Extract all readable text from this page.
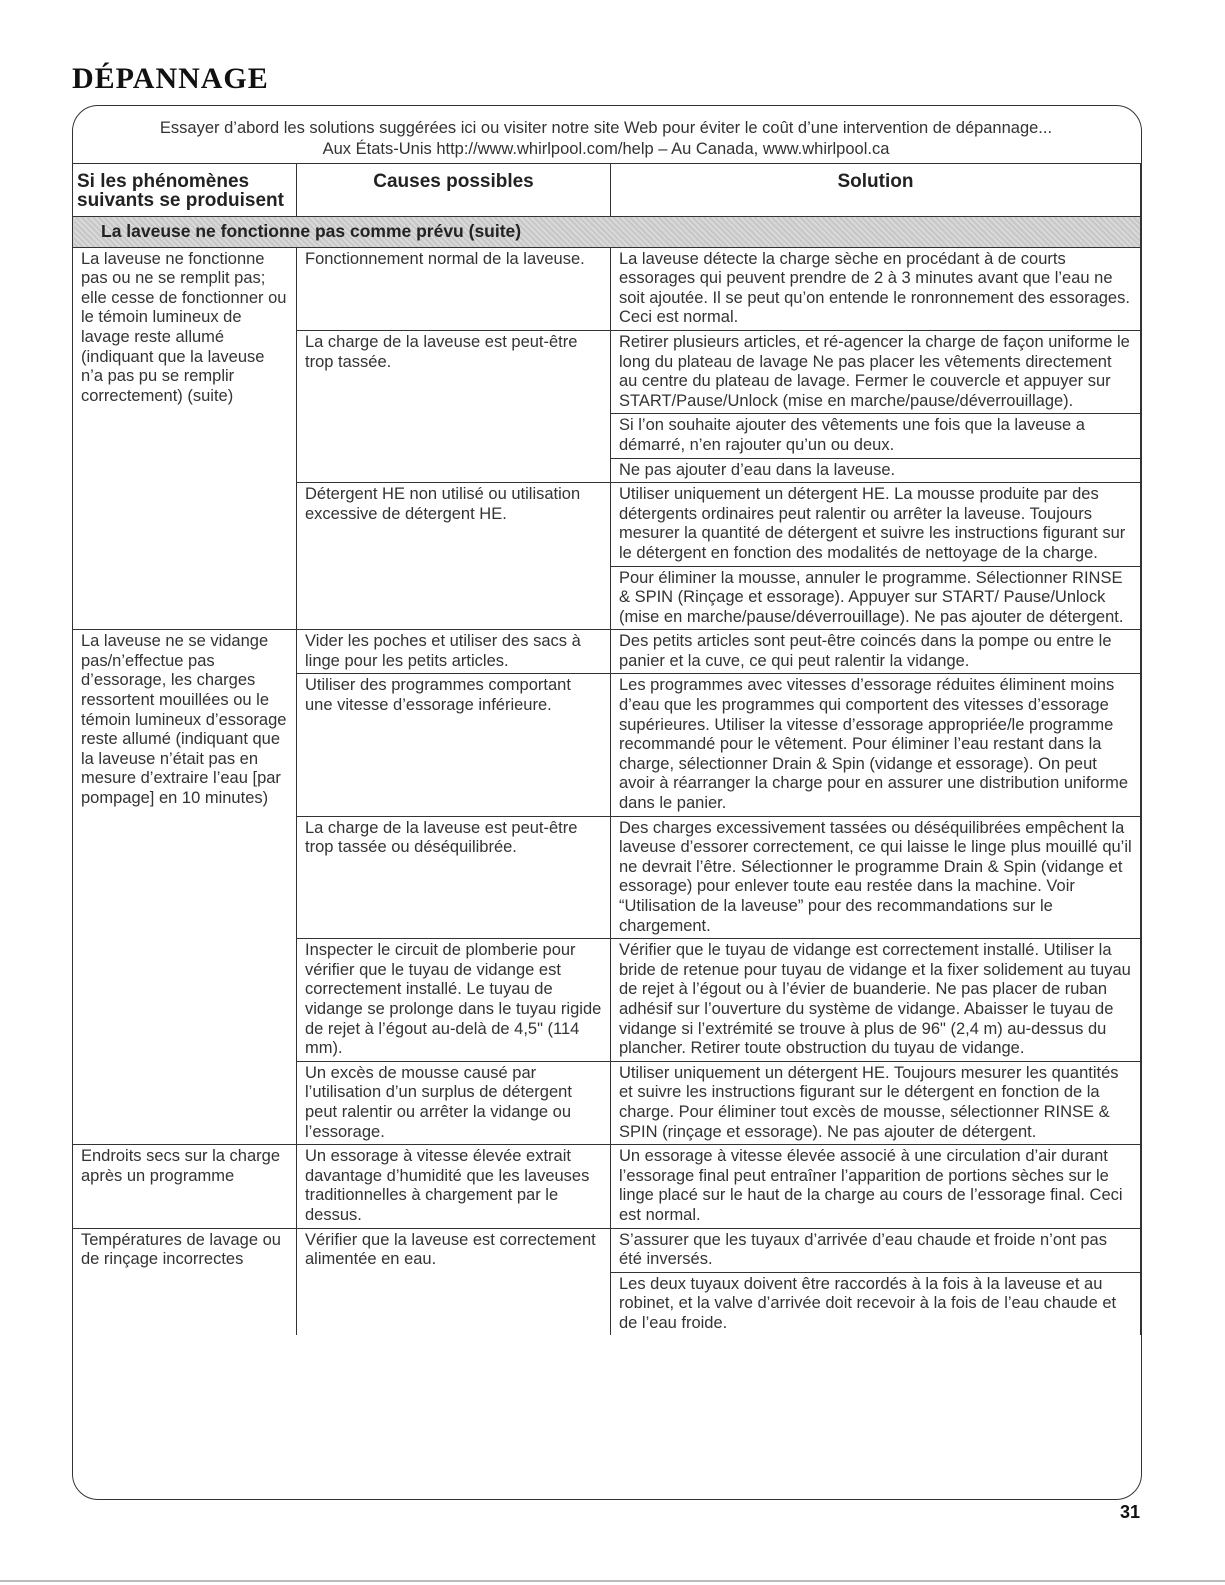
DÉPANNAGE
Essayer d’abord les solutions suggérées ici ou visiter notre site Web pour éviter le coût d’une intervention de dépannage...
Aux États-Unis http://www.whirlpool.com/help – Au Canada, www.whirlpool.ca
Si les phénomènes suivants se produisent	Causes possibles	Solution
La laveuse ne fonctionne pas comme prévu (suite)		
La laveuse ne fonctionne pas ou ne se remplit pas; elle cesse de fonctionner ou le témoin lumineux de lavage reste allumé (indiquant que la laveuse n’a pas pu se remplir correctement) (suite)	Fonctionnement normal de la laveuse.	La laveuse détecte la charge sèche en procédant à de courts essorages qui peuvent prendre de 2 à 3 minutes avant que l’eau ne soit ajoutée. Il se peut qu’on entende le ronronnement des essorages. Ceci est normal.
	La charge de la laveuse est peut-être trop tassée.	Retirer plusieurs articles, et ré-agencer la charge de façon uniforme le long du plateau de lavage Ne pas placer les vêtements directement au centre du plateau de lavage. Fermer le couvercle et appuyer sur START/Pause/Unlock (mise en marche/pause/déverrouillage).
		Si l’on souhaite ajouter des vêtements une fois que la laveuse a démarré, n’en rajouter qu’un ou deux.
		Ne pas ajouter d’eau dans la laveuse.
	Détergent HE non utilisé ou utilisation excessive de détergent HE.	Utiliser uniquement un détergent HE. La mousse produite par des détergents ordinaires peut ralentir ou arrêter la laveuse. Toujours mesurer la quantité de détergent et suivre les instructions figurant sur le détergent en fonction des modalités de nettoyage de la charge.
		Pour éliminer la mousse, annuler le programme. Sélectionner RINSE & SPIN (Rinçage et essorage). Appuyer sur START/ Pause/Unlock (mise en marche/pause/déverrouillage). Ne pas ajouter de détergent.
La laveuse ne se vidange pas/n’effectue pas d’essorage, les charges ressortent mouillées ou le témoin lumineux d’essorage reste allumé (indiquant que la laveuse n’était pas en mesure d’extraire l’eau [par pompage] en 10 minutes)	Vider les poches et utiliser des sacs à linge pour les petits articles.	Des petits articles sont peut-être coincés dans la pompe ou entre le panier et la cuve, ce qui peut ralentir la vidange.
	Utiliser des programmes comportant une vitesse d’essorage inférieure.	Les programmes avec vitesses d’essorage réduites éliminent moins d’eau que les programmes qui comportent des vitesses d’essorage supérieures. Utiliser la vitesse d’essorage appropriée/le programme recommandé pour le vêtement. Pour éliminer l’eau restant dans la charge, sélectionner Drain & Spin (vidange et essorage). On peut avoir à réarranger la charge pour en assurer une distribution uniforme dans le panier.
	La charge de la laveuse est peut-être trop tassée ou déséquilibrée.	Des charges excessivement tassées ou déséquilibrées empêchent la laveuse d’essorer correctement, ce qui laisse le linge plus mouillé qu’il ne devrait l’être. Sélectionner le programme Drain & Spin (vidange et essorage) pour enlever toute eau restée dans la machine. Voir “Utilisation de la laveuse” pour des recommandations sur le chargement.
	Inspecter le circuit de plomberie pour vérifier que le tuyau de vidange est correctement installé. Le tuyau de vidange se prolonge dans le tuyau rigide de rejet à l’égout au-delà de 4,5" (114 mm).	Vérifier que le tuyau de vidange est correctement installé. Utiliser la bride de retenue pour tuyau de vidange et la fixer solidement au tuyau de rejet à l’égout ou à l’évier de buanderie. Ne pas placer de ruban adhésif sur l’ouverture du système de vidange. Abaisser le tuyau de vidange si l’extrémité se trouve à plus de 96" (2,4 m) au-dessus du plancher. Retirer toute obstruction du tuyau de vidange.
	Un excès de mousse causé par l’utilisation d’un surplus de détergent peut ralentir ou arrêter la vidange ou l’essorage.	Utiliser uniquement un détergent HE. Toujours mesurer les quantités et suivre les instructions figurant sur le détergent en fonction de la charge. Pour éliminer tout excès de mousse, sélectionner RINSE & SPIN (rinçage et essorage). Ne pas ajouter de détergent.
Endroits secs sur la charge après un programme	Un essorage à vitesse élevée extrait davantage d’humidité que les laveuses traditionnelles à chargement par le dessus.	Un essorage à vitesse élevée associé à une circulation d’air durant l’essorage final peut entraîner l’apparition de portions sèches sur le linge placé sur le haut de la charge au cours de l’essorage final. Ceci est normal.
Températures de lavage ou de rinçage incorrectes	Vérifier que la laveuse est correctement alimentée en eau.	S’assurer que les tuyaux d’arrivée d’eau chaude et froide n’ont pas été inversés.
		Les deux tuyaux doivent être raccordés à la fois à la laveuse et au robinet, et la valve d’arrivée doit recevoir à la fois de l’eau chaude et de l’eau froide.
31
